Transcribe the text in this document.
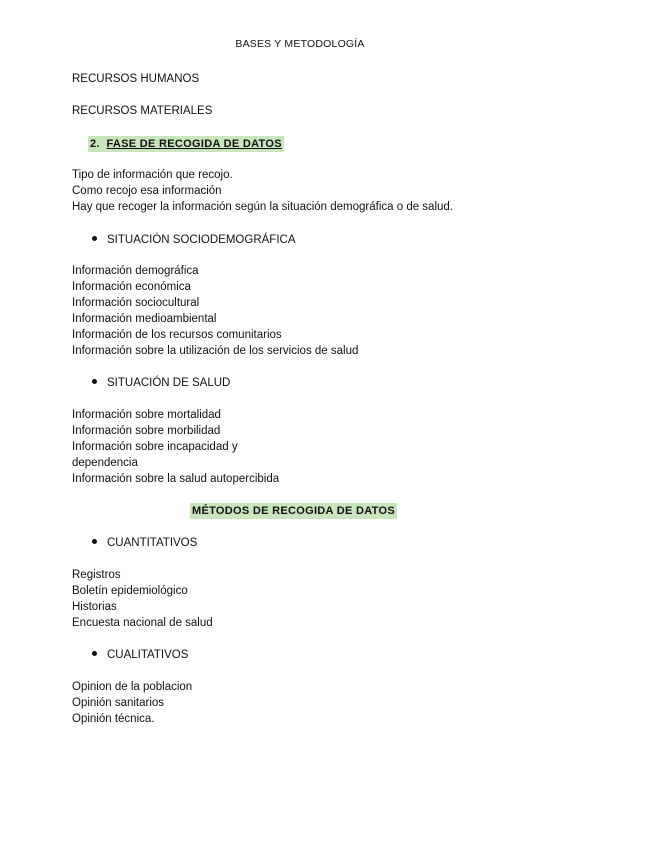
BASES Y METODOLOGÍA
RECURSOS HUMANOS
RECURSOS MATERIALES
2. FASE DE RECOGIDA DE DATOS
Tipo de información que recojo.
Como recojo esa información
Hay que recoger la información según la situación demográfica o de salud.
SITUACIÓN SOCIODEMOGRÁFICA
Información demográfica
Información económica
Información sociocultural
Información medioambiental
Información de los recursos comunitarios
Información sobre la utilización de los servicios de salud
SITUACIÓN DE SALUD
Información sobre mortalidad
Información sobre morbilidad
Información sobre incapacidad y
dependencia
Información sobre la salud autopercibida
MÉTODOS DE RECOGIDA DE DATOS
CUANTITATIVOS
Registros
Boletín epidemiológico
Historias
Encuesta nacional de salud
CUALITATIVOS
Opinion de la poblacion
Opinión sanitarios
Opinión técnica.
